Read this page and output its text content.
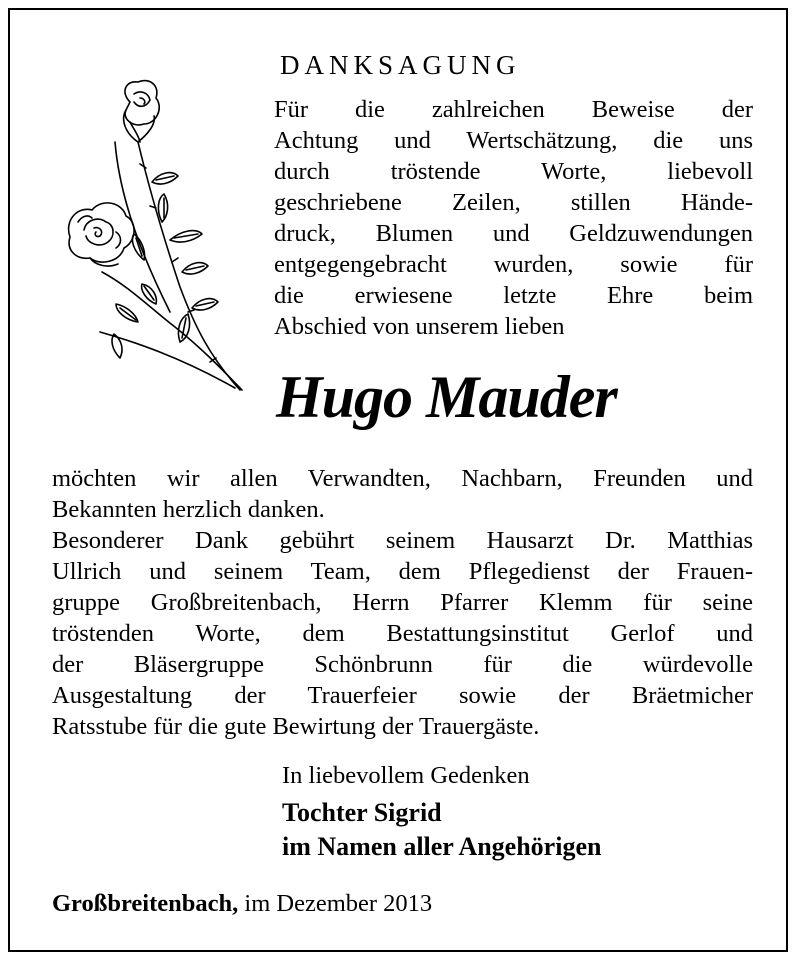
DANKSAGUNG
Für die zahlreichen Beweise der
Achtung und Wertschätzung, die uns
durch tröstende Worte, liebevoll
geschriebene Zeilen, stillen Hände-
druck, Blumen und Geldzuwendungen
entgegengebracht wurden, sowie für
die erwiesene letzte Ehre beim
Abschied von unserem lieben
Hugo Mauder
möchten wir allen Verwandten, Nachbarn, Freunden und
Bekannten herzlich danken.
Besonderer Dank gebührt seinem Hausarzt Dr. Matthias
Ullrich und seinem Team, dem Pflegedienst der Frauen-
gruppe Großbreitenbach, Herrn Pfarrer Klemm für seine
tröstenden Worte, dem Bestattungsinstitut Gerlof und
der Bläsergruppe Schönbrunn für die würdevolle
Ausgestaltung der Trauerfeier sowie der Bräetmicher
Ratsstube für die gute Bewirtung der Trauergäste.
In liebevollem Gedenken
Tochter Sigrid
im Namen aller Angehörigen
Großbreitenbach, im Dezember 2013
